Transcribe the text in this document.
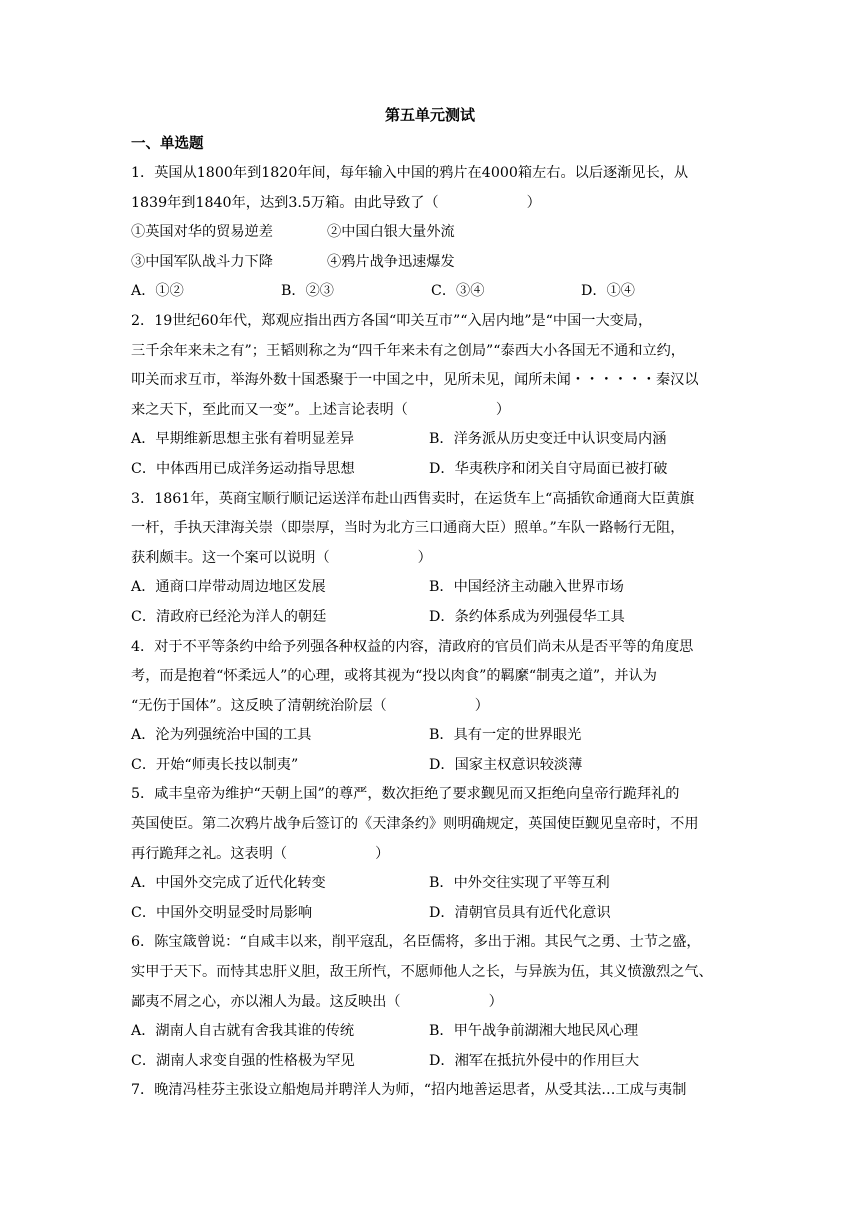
第五单元测试
一、单选题
1．英国从1800年到1820年间，每年输入中国的鸦片在4000箱左右。以后逐渐见长，从
1839年到1840年，达到3.5万箱。由此导致了（	）
①英国对华的贸易逆差	②中国白银大量外流
③中国军队战斗力下降	④鸦片战争迅速爆发
A．①②	B．②③	C．③④	D．①④
2．19世纪60年代，郑观应指出西方各国“叩关互市”“入居内地”是“中国一大变局，
三千余年来未之有”；王韬则称之为“四千年来未有之创局”“泰西大小各国无不通和立约，
叩关而求互市，举海外数十国悉聚于一中国之中，见所未见，闻所未闻・・・・・・秦汉以
来之天下，至此而又一变”。上述言论表明（	）
A．早期维新思想主张有着明显差异	B．洋务派从历史变迁中认识变局内涵
C．中体西用已成洋务运动指导思想	D．华夷秩序和闭关自守局面已被打破
3．1861年，英商宝顺行顺记运送洋布赴山西售卖时，在运货车上“高插钦命通商大臣黄旗
一杆，手执天津海关崇（即崇厚，当时为北方三口通商大臣）照单。”车队一路畅行无阻，
获利颇丰。这一个案可以说明（	）
A．通商口岸带动周边地区发展	B．中国经济主动融入世界市场
C．清政府已经沦为洋人的朝廷	D．条约体系成为列强侵华工具
4．对于不平等条约中给予列强各种权益的内容，清政府的官员们尚未从是否平等的角度思
考，而是抱着“怀柔远人”的心理，或将其视为“投以肉食”的羁縻“制夷之道”，并认为
“无伤于国体”。这反映了清朝统治阶层（	）
A．沦为列强统治中国的工具	B．具有一定的世界眼光
C．开始“师夷长技以制夷”	D．国家主权意识较淡薄
5．咸丰皇帝为维护“天朝上国”的尊严，数次拒绝了要求觐见而又拒绝向皇帝行跪拜礼的
英国使臣。第二次鸦片战争后签订的《天津条约》则明确规定，英国使臣觐见皇帝时，不用
再行跪拜之礼。这表明（	）
A．中国外交完成了近代化转变	B．中外交往实现了平等互利
C．中国外交明显受时局影响	D．清朝官员具有近代化意识
6．陈宝箴曾说：“自咸丰以来，削平寇乱，名臣儒将，多出于湘。其民气之勇、士节之盛，
实甲于天下。而恃其忠肝义胆，敌王所忾，不愿师他人之长，与异族为伍，其义愤激烈之气、
鄙夷不屑之心，亦以湘人为最。这反映出（	）
A．湖南人自古就有舍我其谁的传统	B．甲午战争前湖湘大地民风心理
C．湖南人求变自强的性格极为罕见	D．湘军在抵抗外侵中的作用巨大
7．晚清冯桂芬主张设立船炮局并聘洋人为师，“招内地善运思者，从受其法…工成与夷制
